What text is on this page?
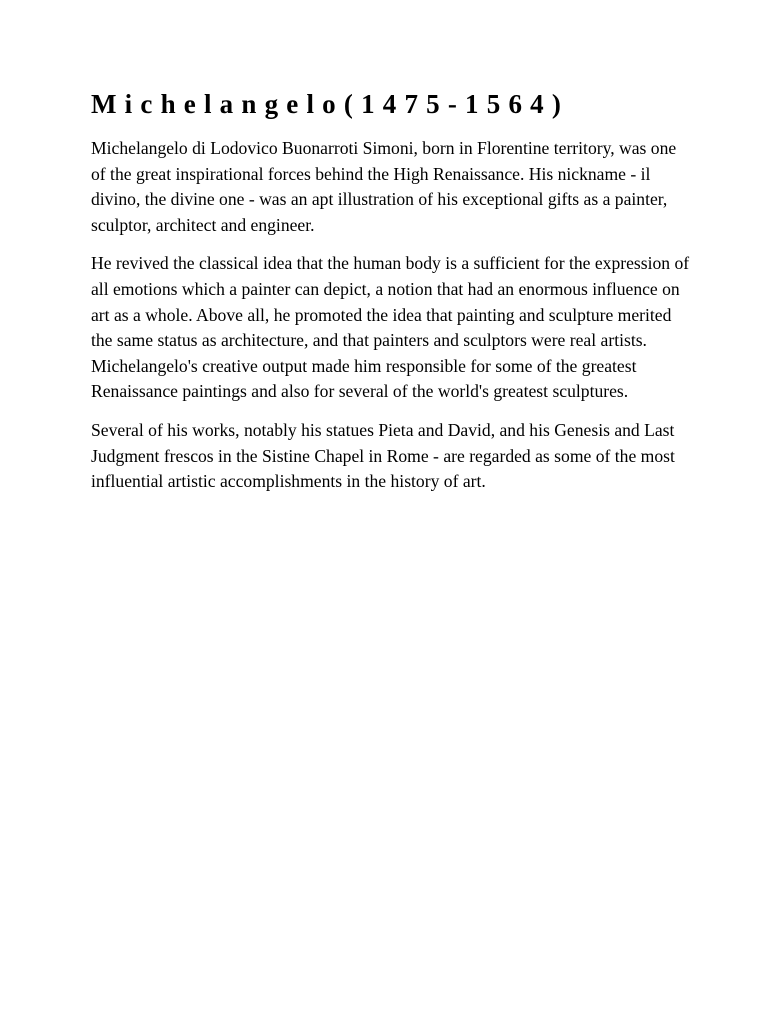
Michelangelo(1475-1564)

Michelangelo di Lodovico Buonarroti Simoni, born in Florentine territory, was one of the great inspirational forces behind the High Renaissance. His nickname - il divino, the divine one - was an apt illustration of his exceptional gifts as a painter, sculptor, architect and engineer.

He revived the classical idea that the human body is a sufficient for the expression of all emotions which a painter can depict, a notion that had an enormous influence on art as a whole. Above all, he promoted the idea that painting and sculpture merited the same status as architecture, and that painters and sculptors were real artists. Michelangelo's creative output made him responsible for some of the greatest Renaissance paintings and also for several of the world's greatest sculptures.

Several of his works, notably his statues Pieta and David, and his Genesis and Last Judgment frescos in the Sistine Chapel in Rome - are regarded as some of the most influential artistic accomplishments in the history of art.
